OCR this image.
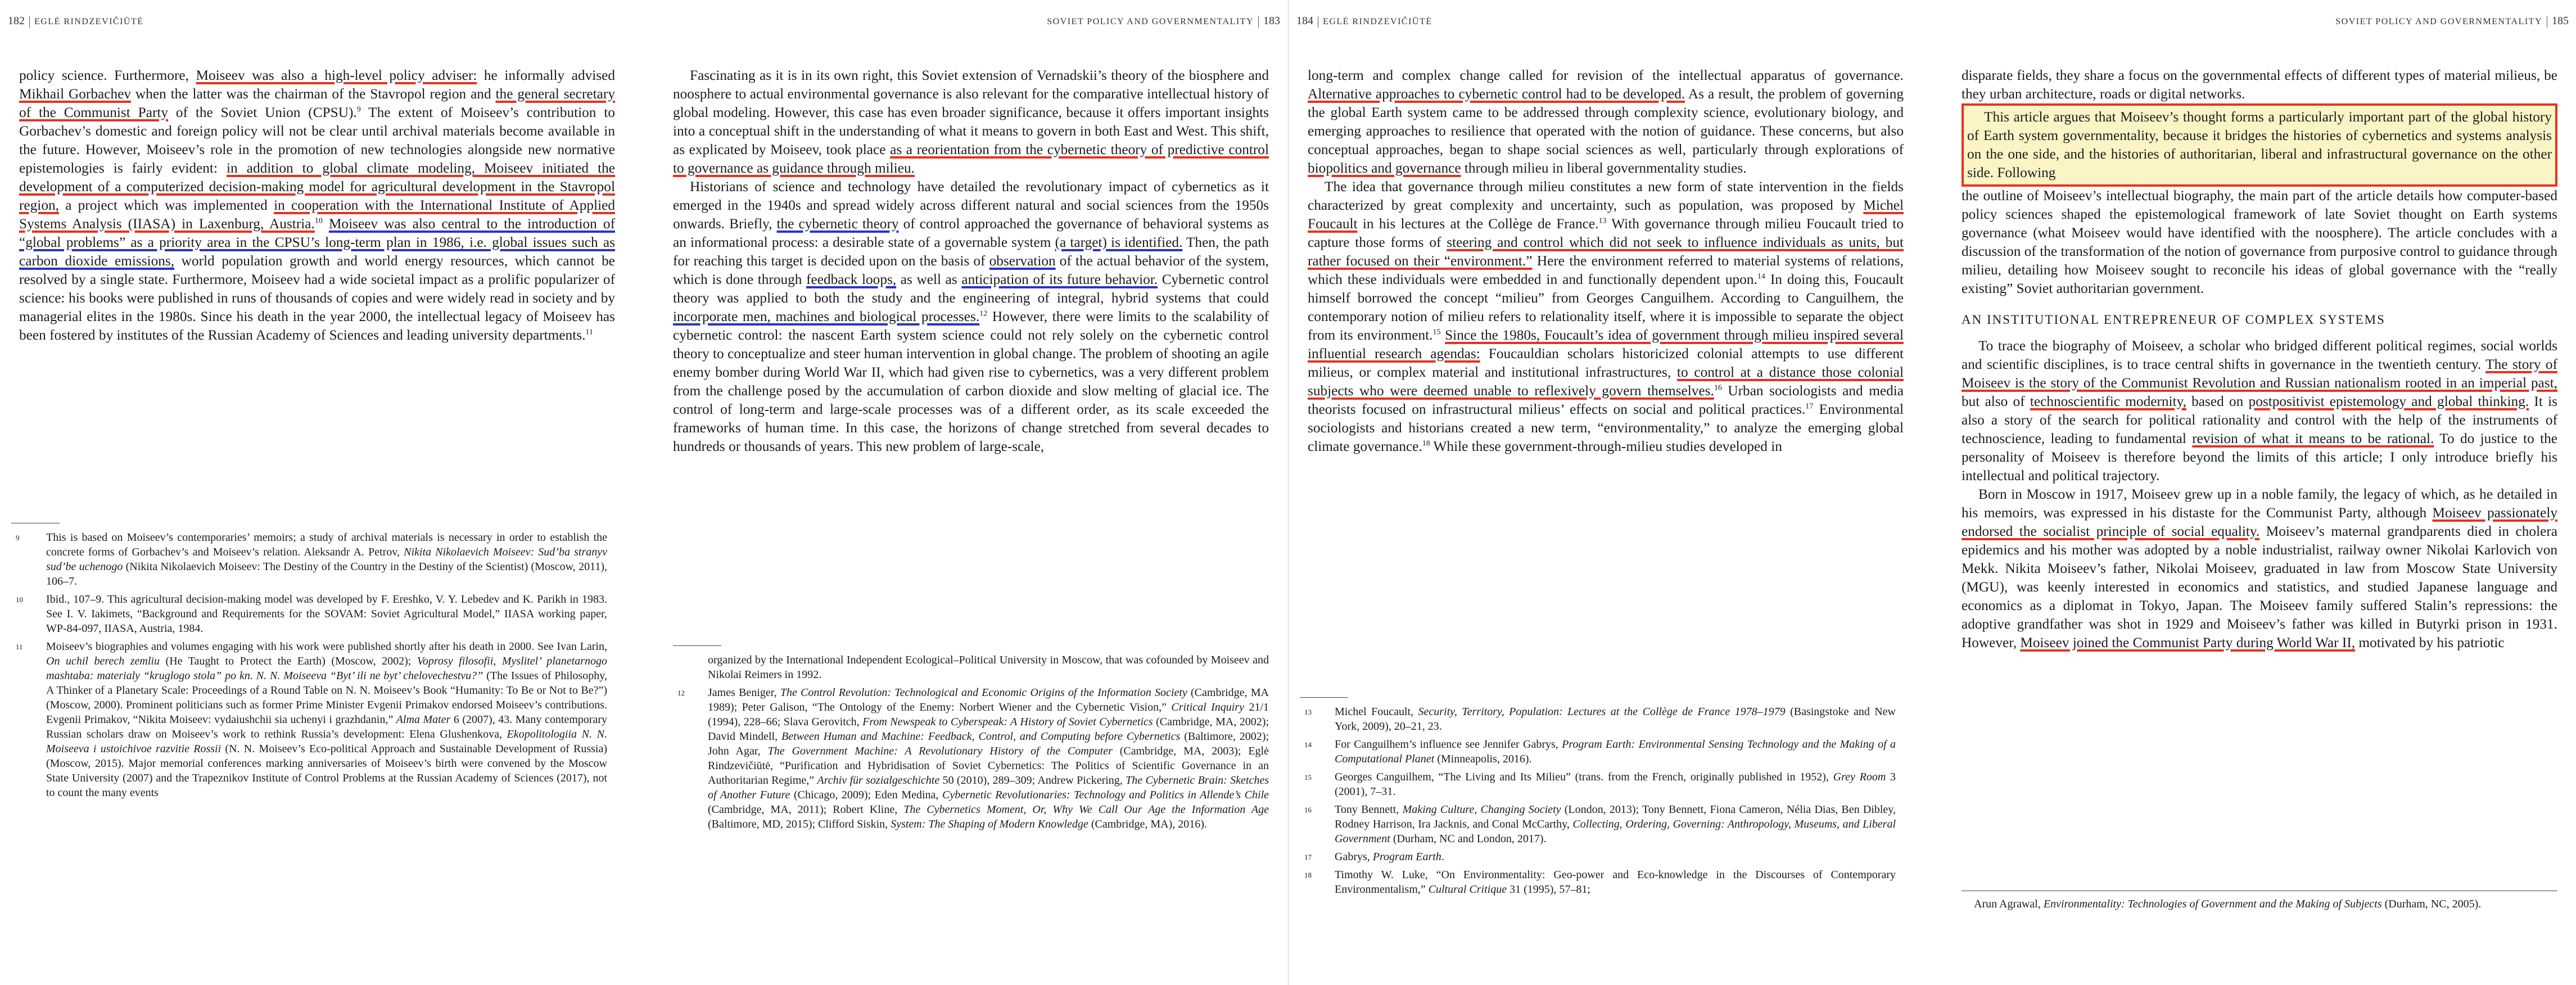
182 EGLĖ RINDZEVIČIŪTĖ	SOVIET POLICY AND GOVERNMENTALITY 183

policy science. Furthermore, Moiseev was also a high-level policy adviser: he informally advised Mikhail Gorbachev when the latter was the chairman of the Stavropol region and the general secretary of the Communist Party of the Soviet Union (CPSU).$^9$ The extent of Moiseev’s contribution to Gorbachev’s domestic and foreign policy will not be clear until archival materials become available in the future. However, Moiseev’s role in the promotion of new technologies alongside new normative epistemologies is fairly evident: in addition to global climate modeling, Moiseev initiated the development of a computerized decision-making model for agricultural development in the Stavropol region, a project which was implemented in cooperation with the International Institute of Applied Systems Analysis (IIASA) in Laxenburg, Austria.$^{10}$ Moiseev was also central to the introduction of “global problems” as a priority area in the CPSU’s long-term plan in 1986, i.e. global issues such as carbon dioxide emissions, world population growth and world energy resources, which cannot be resolved by a single state. Furthermore, Moiseev had a wide societal impact as a prolific popularizer of science: his books were published in runs of thousands of copies and were widely read in society and by managerial elites in the 1980s. Since his death in the year 2000, the intellectual legacy of Moiseev has been fostered by institutes of the Russian Academy of Sciences and leading university departments.$^{11}$

9 This is based on Moiseev’s contemporaries’ memoirs; a study of archival materials is necessary in order to establish the concrete forms of Gorbachev’s and Moiseev’s relation. Aleksandr A. Petrov, Nikita Nikolaevich Moiseev: Sud’ba stranyv sud’be uchenogo (Nikita Nikolaevich Moiseev: The Destiny of the Country in the Destiny of the Scientist) (Moscow, 2011), 106–7.
10 Ibid., 107–9. This agricultural decision-making model was developed by F. Ereshko, V. Y. Lebedev and K. Parikh in 1983. See I. V. Iakimets, “Background and Requirements for the SOVAM: Soviet Agricultural Model,” IIASA working paper, WP-84-097, IIASA, Austria, 1984.
11 Moiseev’s biographies and volumes engaging with his work were published shortly after his death in 2000. See Ivan Larin, On uchil berech zemliu (He Taught to Protect the Earth) (Moscow, 2002); Voprosy filosofii, Myslitel’ planetarnogo mashtaba: materialy “kruglogo stola” po kn. N. N. Moiseeva “Byt’ ili ne byt’ chelovechestvu?” (The Issues of Philosophy, A Thinker of a Planetary Scale: Proceedings of a Round Table on N. N. Moiseev’s Book “Humanity: To Be or Not to Be?”) (Moscow, 2000). Prominent politicians such as former Prime Minister Evgenii Primakov endorsed Moiseev’s contributions. Evgenii Primakov, “Nikita Moiseev: vydaiushchii sia uchenyi i grazhdanin,” Alma Mater 6 (2007), 43. Many contemporary Russian scholars draw on Moiseev’s work to rethink Russia’s development: Elena Glushenkova, Ekopolitologiia N. N. Moiseeva i ustoichivoe razvitie Rossii (N. N. Moiseev’s Eco-political Approach and Sustainable Development of Russia) (Moscow, 2015). Major memorial conferences marking anniversaries of Moiseev’s birth were convened by the Moscow State University (2007) and the Trapeznikov Institute of Control Problems at the Russian Academy of Sciences (2017), not to count the many events

Fascinating as it is in its own right, this Soviet extension of Vernadskii’s theory of the biosphere and noosphere to actual environmental governance is also relevant for the comparative intellectual history of global modeling. However, this case has even broader significance, because it offers important insights into a conceptual shift in the understanding of what it means to govern in both East and West. This shift, as explicated by Moiseev, took place as a reorientation from the cybernetic theory of predictive control to governance as guidance through milieu.

Historians of science and technology have detailed the revolutionary impact of cybernetics as it emerged in the 1940s and spread widely across different natural and social sciences from the 1950s onwards. Briefly, the cybernetic theory of control approached the governance of behavioral systems as an informational process: a desirable state of a governable system (a target) is identified. Then, the path for reaching this target is decided upon on the basis of observation of the actual behavior of the system, which is done through feedback loops, as well as anticipation of its future behavior. Cybernetic control theory was applied to both the study and the engineering of integral, hybrid systems that could incorporate men, machines and biological processes.$^{12}$ However, there were limits to the scalability of cybernetic control: the nascent Earth system science could not rely solely on the cybernetic control theory to conceptualize and steer human intervention in global change. The problem of shooting an agile enemy bomber during World War II, which had given rise to cybernetics, was a very different problem from the challenge posed by the accumulation of carbon dioxide and slow melting of glacial ice. The control of long-term and large-scale processes was of a different order, as its scale exceeded the frameworks of human time. In this case, the horizons of change stretched from several decades to hundreds or thousands of years. This new problem of large-scale,

organized by the International Independent Ecological–Political University in Moscow, that was cofounded by Moiseev and Nikolai Reimers in 1992.
12 James Beniger, The Control Revolution: Technological and Economic Origins of the Information Society (Cambridge, MA 1989); Peter Galison, “The Ontology of the Enemy: Norbert Wiener and the Cybernetic Vision,” Critical Inquiry 21/1 (1994), 228–66; Slava Gerovitch, From Newspeak to Cyberspeak: A History of Soviet Cybernetics (Cambridge, MA, 2002); David Mindell, Between Human and Machine: Feedback, Control, and Computing before Cybernetics (Baltimore, 2002); John Agar, The Government Machine: A Revolutionary History of the Computer (Cambridge, MA, 2003); Eglė Rindzevičiūtė, “Purification and Hybridisation of Soviet Cybernetics: The Politics of Scientific Governance in an Authoritarian Regime,” Archiv für sozialgeschichte 50 (2010), 289–309; Andrew Pickering, The Cybernetic Brain: Sketches of Another Future (Chicago, 2009); Eden Medina, Cybernetic Revolutionaries: Technology and Politics in Allende’s Chile (Cambridge, MA, 2011); Robert Kline, The Cybernetics Moment, Or, Why We Call Our Age the Information Age (Baltimore, MD, 2015); Clifford Siskin, System: The Shaping of Modern Knowledge (Cambridge, MA), 2016).
184 EGLĖ RINDZEVIČIŪTĖ	SOVIET POLICY AND GOVERNMENTALITY 185

long-term and complex change called for revision of the intellectual apparatus of governance. Alternative approaches to cybernetic control had to be developed. As a result, the problem of governing the global Earth system came to be addressed through complexity science, evolutionary biology, and emerging approaches to resilience that operated with the notion of guidance. These concerns, but also conceptual approaches, began to shape social sciences as well, particularly through explorations of biopolitics and governance through milieu in liberal governmentality studies.

The idea that governance through milieu constitutes a new form of state intervention in the fields characterized by great complexity and uncertainty, such as population, was proposed by Michel Foucault in his lectures at the Collège de France.$^{13}$ With governance through milieu Foucault tried to capture those forms of steering and control which did not seek to influence individuals as units, but rather focused on their “environment.” Here the environment referred to material systems of relations, which these individuals were embedded in and functionally dependent upon.$^{14}$ In doing this, Foucault himself borrowed the concept “milieu” from Georges Canguilhem. According to Canguilhem, the contemporary notion of milieu refers to relationality itself, where it is impossible to separate the object from its environment.$^{15}$ Since the 1980s, Foucault’s idea of government through milieu inspired several influential research agendas: Foucauldian scholars historicized colonial attempts to use different milieus, or complex material and institutional infrastructures, to control at a distance those colonial subjects who were deemed unable to reflexively govern themselves.$^{16}$ Urban sociologists and media theorists focused on infrastructural milieus’ effects on social and political practices.$^{17}$ Environmental sociologists and historians created a new term, “environmentality,” to analyze the emerging global climate governance.$^{18}$ While these government-through-milieu studies developed in

13 Michel Foucault, Security, Territory, Population: Lectures at the Collège de France 1978–1979 (Basingstoke and New York, 2009), 20–21, 23.
14 For Canguilhem’s influence see Jennifer Gabrys, Program Earth: Environmental Sensing Technology and the Making of a Computational Planet (Minneapolis, 2016).
15 Georges Canguilhem, “The Living and Its Milieu” (trans. from the French, originally published in 1952), Grey Room 3 (2001), 7–31.
16 Tony Bennett, Making Culture, Changing Society (London, 2013); Tony Bennett, Fiona Cameron, Nélia Dias, Ben Dibley, Rodney Harrison, Ira Jacknis, and Conal McCarthy, Collecting, Ordering, Governing: Anthropology, Museums, and Liberal Government (Durham, NC and London, 2017).
17 Gabrys, Program Earth.
18 Timothy W. Luke, “On Environmentality: Geo-power and Eco-knowledge in the Discourses of Contemporary Environmentalism,” Cultural Critique 31 (1995), 57–81;

disparate fields, they share a focus on the governmental effects of different types of material milieus, be they urban architecture, roads or digital networks.

This article argues that Moiseev’s thought forms a particularly important part of the global history of Earth system governmentality, because it bridges the histories of cybernetics and systems analysis on the one side, and the histories of authoritarian, liberal and infrastructural governance on the other side. Following

the outline of Moiseev’s intellectual biography, the main part of the article details how computer-based policy sciences shaped the epistemological framework of late Soviet thought on Earth systems governance (what Moiseev would have identified with the noosphere). The article concludes with a discussion of the transformation of the notion of governance from purposive control to guidance through milieu, detailing how Moiseev sought to reconcile his ideas of global governance with the “really existing” Soviet authoritarian government.

AN INSTITUTIONAL ENTREPRENEUR OF COMPLEX SYSTEMS

To trace the biography of Moiseev, a scholar who bridged different political regimes, social worlds and scientific disciplines, is to trace central shifts in governance in the twentieth century. The story of Moiseev is the story of the Communist Revolution and Russian nationalism rooted in an imperial past, but also of technoscientific modernity, based on postpositivist epistemology and global thinking. It is also a story of the search for political rationality and control with the help of the instruments of technoscience, leading to fundamental revision of what it means to be rational. To do justice to the personality of Moiseev is therefore beyond the limits of this article; I only introduce briefly his intellectual and political trajectory.

Born in Moscow in 1917, Moiseev grew up in a noble family, the legacy of which, as he detailed in his memoirs, was expressed in his distaste for the Communist Party, although Moiseev passionately endorsed the socialist principle of social equality. Moiseev’s maternal grandparents died in cholera epidemics and his mother was adopted by a noble industrialist, railway owner Nikolai Karlovich von Mekk. Nikita Moiseev’s father, Nikolai Moiseev, graduated in law from Moscow State University (MGU), was keenly interested in economics and statistics, and studied Japanese language and economics as a diplomat in Tokyo, Japan. The Moiseev family suffered Stalin’s repressions: the adoptive grandfather was shot in 1929 and Moiseev’s father was killed in Butyrki prison in 1931. However, Moiseev joined the Communist Party during World War II, motivated by his patriotic

Arun Agrawal, Environmentality: Technologies of Government and the Making of Subjects (Durham, NC, 2005).
